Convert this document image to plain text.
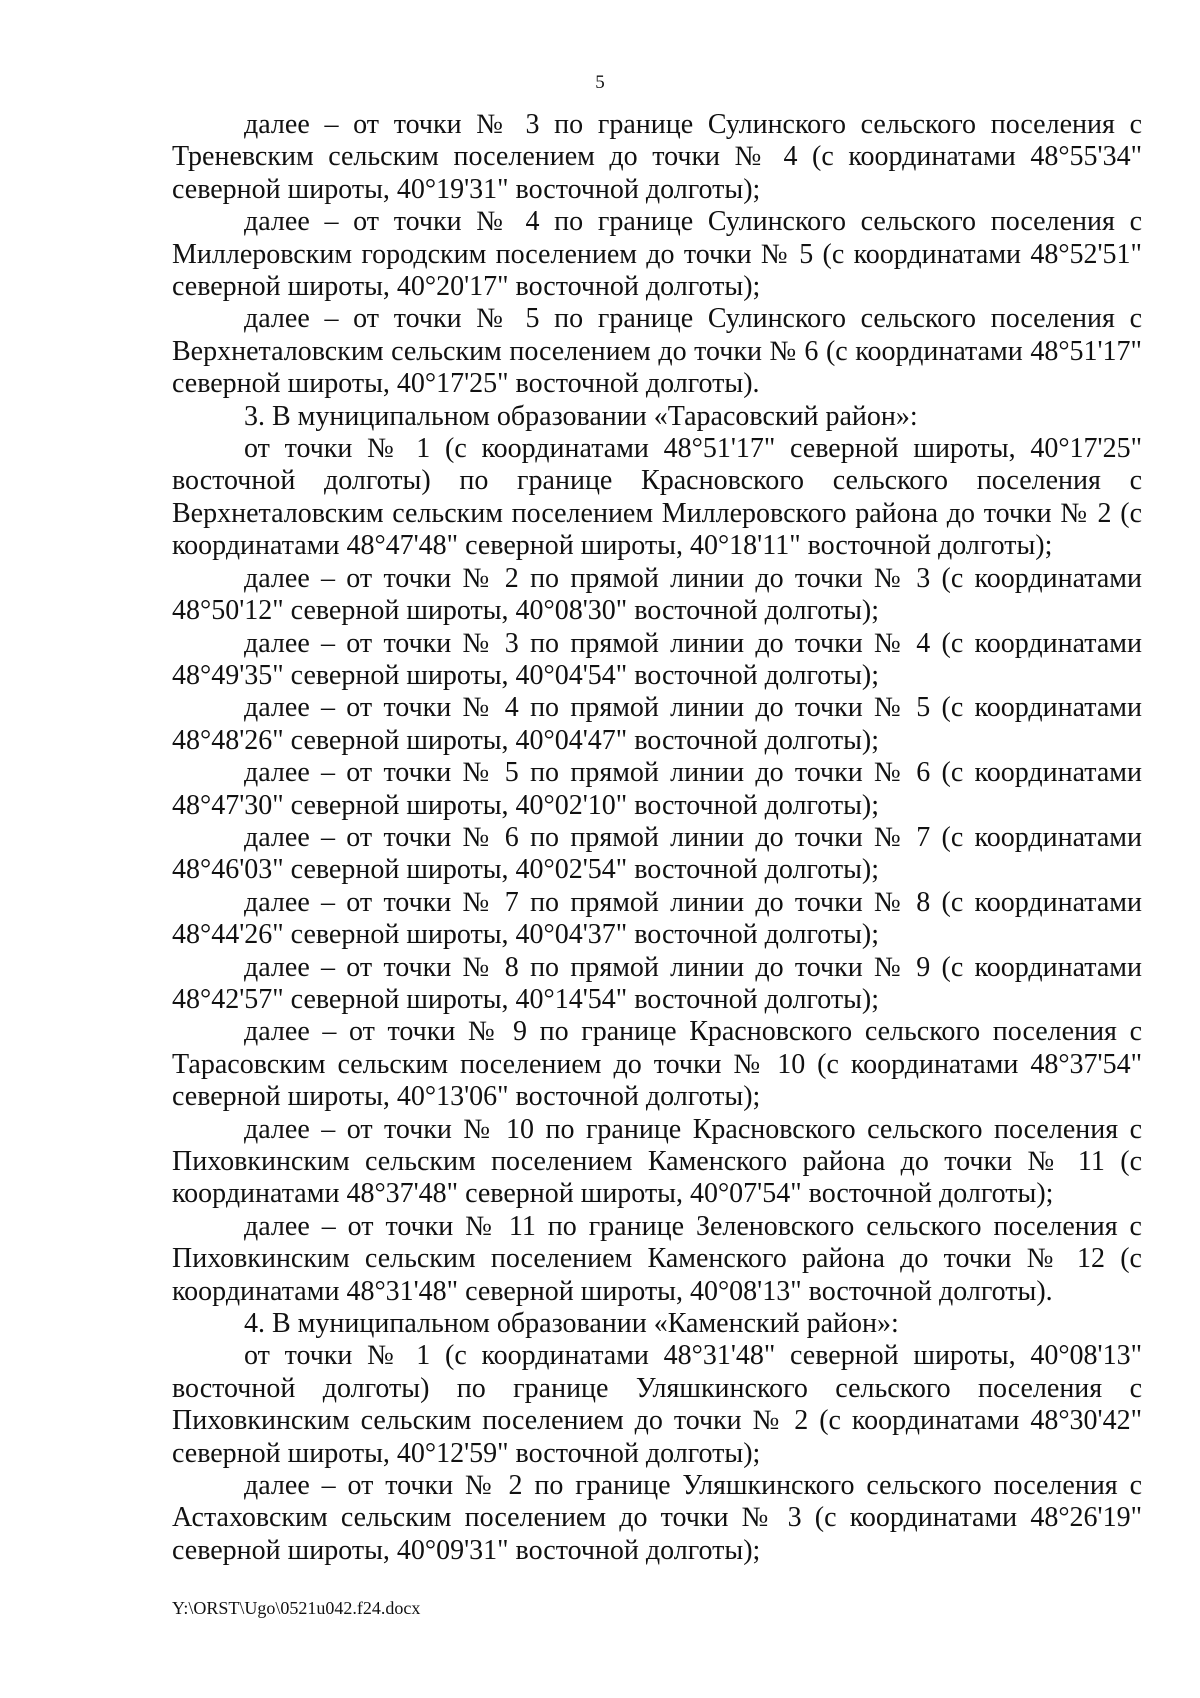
5

далее – от точки № 3 по границе Сулинского сельского поселения с Треневским сельским поселением до точки № 4 (с координатами 48°55'34" северной широты, 40°19'31" восточной долготы);

далее – от точки № 4 по границе Сулинского сельского поселения с Миллеровским городским поселением до точки № 5 (с координатами 48°52'51" северной широты, 40°20'17" восточной долготы);

далее – от точки № 5 по границе Сулинского сельского поселения с Верхнеталовским сельским поселением до точки № 6 (с координатами 48°51'17" северной широты, 40°17'25" восточной долготы).

3. В муниципальном образовании «Тарасовский район»:

от точки № 1 (с координатами 48°51'17" северной широты, 40°17'25" восточной долготы) по границе Красновского сельского поселения с Верхнеталовским сельским поселением Миллеровского района до точки № 2 (с координатами 48°47'48" северной широты, 40°18'11" восточной долготы);

далее – от точки № 2 по прямой линии до точки № 3 (с координатами 48°50'12" северной широты, 40°08'30" восточной долготы);

далее – от точки № 3 по прямой линии до точки № 4 (с координатами 48°49'35" северной широты, 40°04'54" восточной долготы);

далее – от точки № 4 по прямой линии до точки № 5 (с координатами 48°48'26" северной широты, 40°04'47" восточной долготы);

далее – от точки № 5 по прямой линии до точки № 6 (с координатами 48°47'30" северной широты, 40°02'10" восточной долготы);

далее – от точки № 6 по прямой линии до точки № 7 (с координатами 48°46'03" северной широты, 40°02'54" восточной долготы);

далее – от точки № 7 по прямой линии до точки № 8 (с координатами 48°44'26" северной широты, 40°04'37" восточной долготы);

далее – от точки № 8 по прямой линии до точки № 9 (с координатами 48°42'57" северной широты, 40°14'54" восточной долготы);

далее – от точки № 9 по границе Красновского сельского поселения с Тарасовским сельским поселением до точки № 10 (с координатами 48°37'54" северной широты, 40°13'06" восточной долготы);

далее – от точки № 10 по границе Красновского сельского поселения с Пиховкинским сельским поселением Каменского района до точки № 11 (с координатами 48°37'48" северной широты, 40°07'54" восточной долготы);

далее – от точки № 11 по границе Зеленовского сельского поселения с Пиховкинским сельским поселением Каменского района до точки № 12 (с координатами 48°31'48" северной широты, 40°08'13" восточной долготы).

4. В муниципальном образовании «Каменский район»:

от точки № 1 (с координатами 48°31'48" северной широты, 40°08'13" восточной долготы) по границе Уляшкинского сельского поселения с Пиховкинским сельским поселением до точки № 2 (с координатами 48°30'42" северной широты, 40°12'59" восточной долготы);

далее – от точки № 2 по границе Уляшкинского сельского поселения с Астаховским сельским поселением до точки № 3 (с координатами 48°26'19" северной широты, 40°09'31" восточной долготы);

Y:\ORST\Ugo\0521u042.f24.docx
